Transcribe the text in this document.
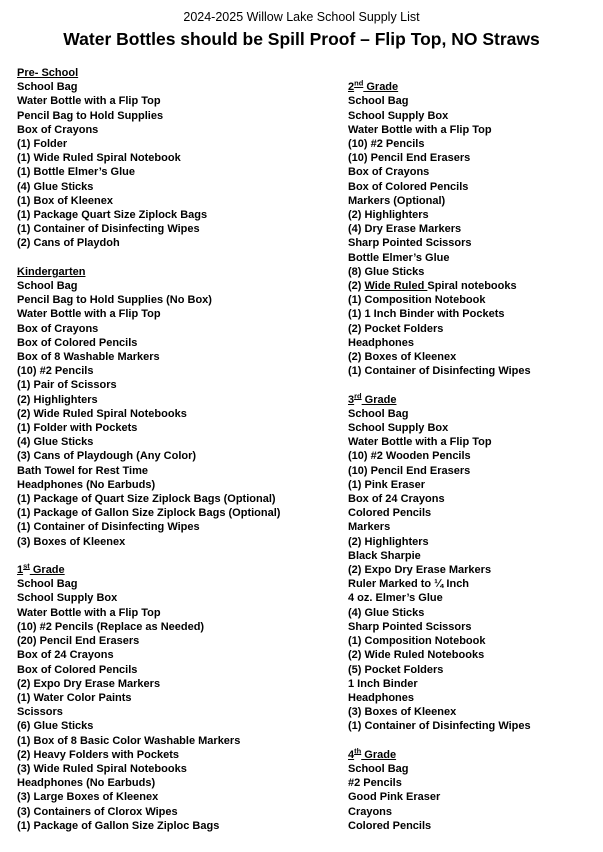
2024-2025 Willow Lake School Supply List
Water Bottles should be Spill Proof – Flip Top, NO Straws
Pre- School
School Bag
Water Bottle with a Flip Top
Pencil Bag to Hold Supplies
Box of Crayons
(1) Folder
(1) Wide Ruled Spiral Notebook
(1) Bottle Elmer’s Glue
(4) Glue Sticks
(1) Box of Kleenex
(1) Package Quart Size Ziplock Bags
(1) Container of Disinfecting Wipes
(2) Cans of Playdoh
Kindergarten
School Bag
Pencil Bag to Hold Supplies (No Box)
Water Bottle with a Flip Top
Box of Crayons
Box of Colored Pencils
Box of 8 Washable Markers
(10) #2 Pencils
(1) Pair of Scissors
(2) Highlighters
(2) Wide Ruled Spiral Notebooks
(1) Folder with Pockets
(4) Glue Sticks
(3) Cans of Playdough (Any Color)
Bath Towel for Rest Time
Headphones (No Earbuds)
(1) Package of Quart Size Ziplock Bags (Optional)
(1) Package of Gallon Size Ziplock Bags (Optional)
(1) Container of Disinfecting Wipes
(3) Boxes of Kleenex
1st Grade
School Bag
School Supply Box
Water Bottle with a Flip Top
(10) #2 Pencils (Replace as Needed)
(20) Pencil End Erasers
Box of 24 Crayons
Box of Colored Pencils
(2) Expo Dry Erase Markers
(1) Water Color Paints
Scissors
(6) Glue Sticks
(1) Box of 8 Basic Color Washable Markers
(2) Heavy Folders with Pockets
(3) Wide Ruled Spiral Notebooks
Headphones (No Earbuds)
(3) Large Boxes of Kleenex
(3) Containers of Clorox Wipes
(1) Package of Gallon Size Ziploc Bags
2nd Grade
School Bag
School Supply Box
Water Bottle with a Flip Top
(10) #2 Pencils
(10) Pencil End Erasers
Box of Crayons
Box of Colored Pencils
Markers (Optional)
(2) Highlighters
(4) Dry Erase Markers
Sharp Pointed Scissors
Bottle Elmer’s Glue
(8) Glue Sticks
(2) Wide Ruled Spiral notebooks
(1) Composition Notebook
(1) 1 Inch Binder with Pockets
(2) Pocket Folders
Headphones
(2) Boxes of Kleenex
(1) Container of Disinfecting Wipes
3rd Grade
School Bag
School Supply Box
Water Bottle with a Flip Top
(10) #2 Wooden Pencils
(10) Pencil End Erasers
(1) Pink Eraser
Box of 24 Crayons
Colored Pencils
Markers
(2) Highlighters
Black Sharpie
(2) Expo Dry Erase Markers
Ruler Marked to ¼ Inch
4 oz. Elmer’s Glue
(4) Glue Sticks
Sharp Pointed Scissors
(1) Composition Notebook
(2) Wide Ruled Notebooks
(5) Pocket Folders
1 Inch Binder
Headphones
(3) Boxes of Kleenex
(1) Container of Disinfecting Wipes
4th Grade
School Bag
#2 Pencils
Good Pink Eraser
Crayons
Colored Pencils
